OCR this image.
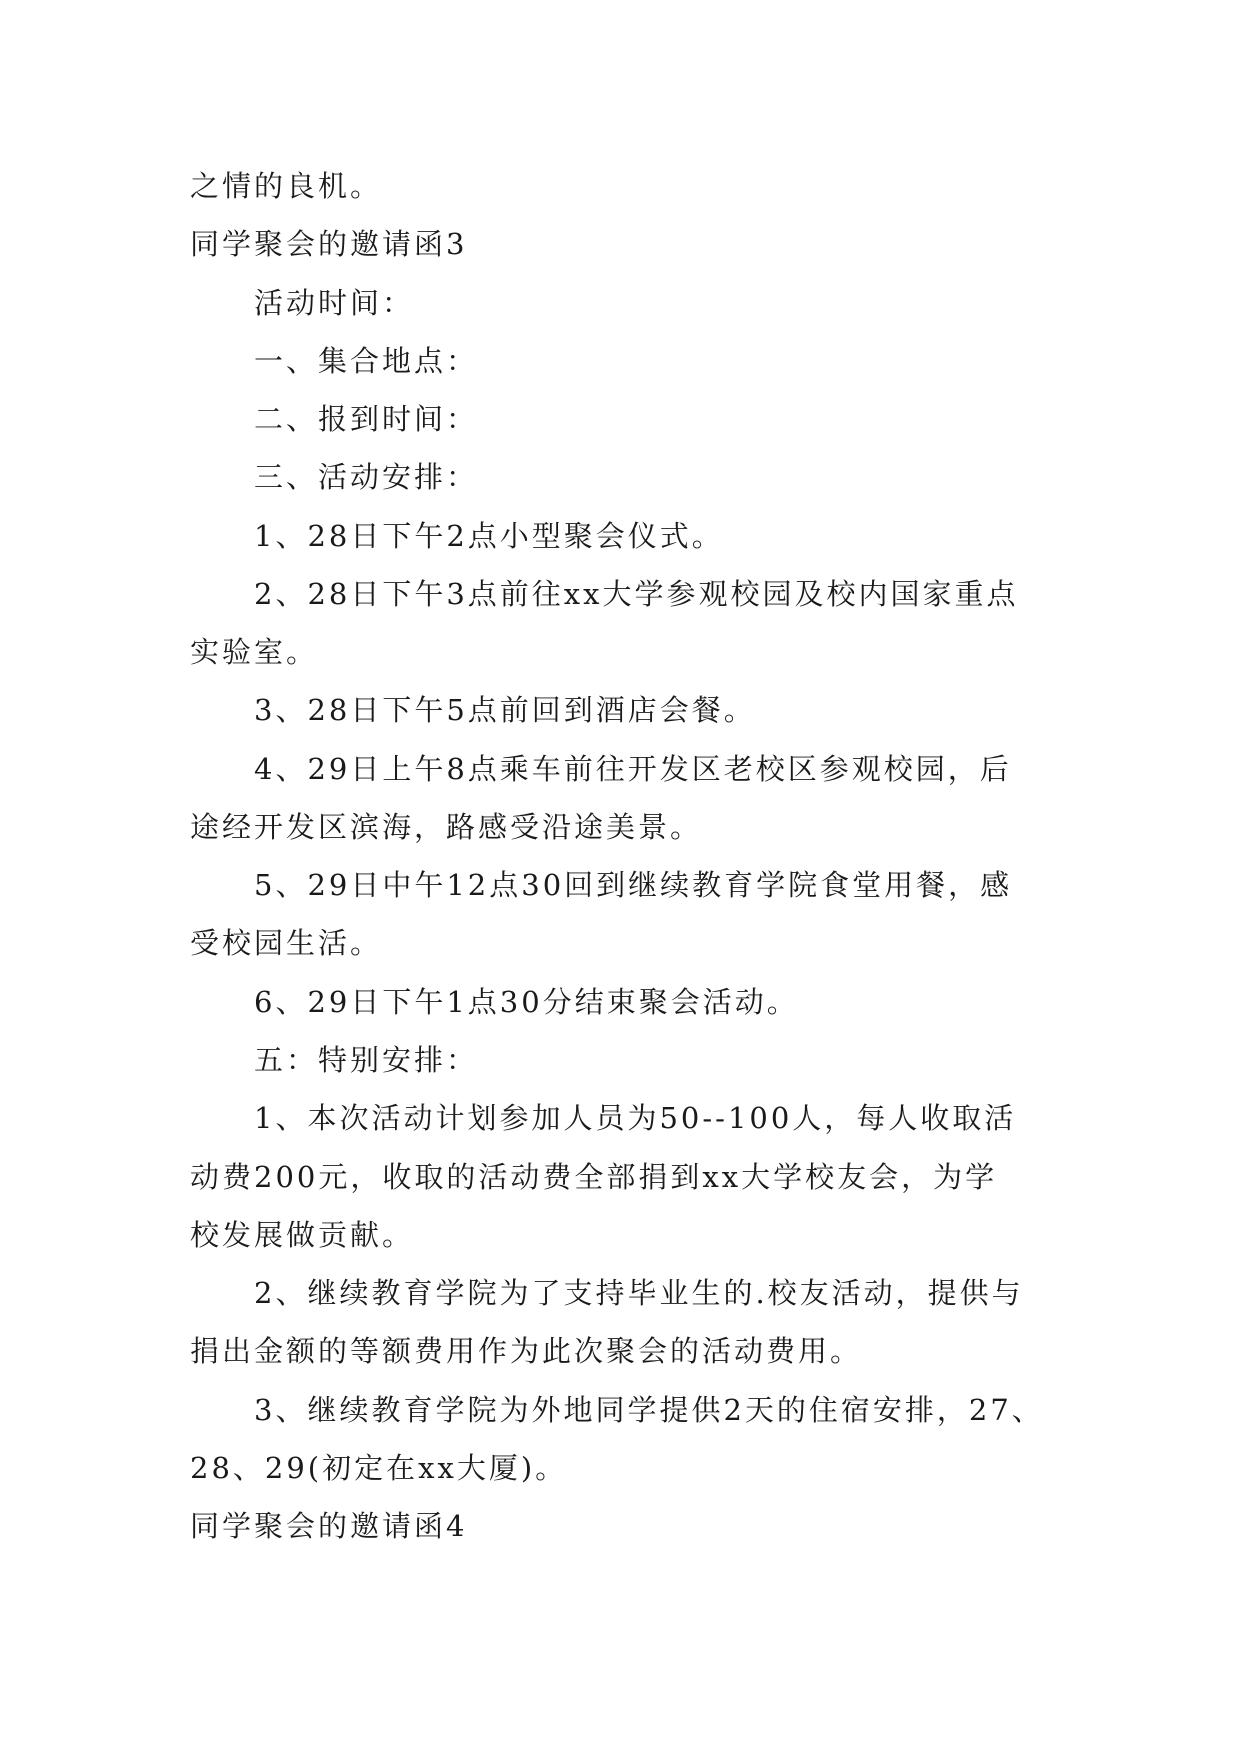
之情的良机。
同学聚会的邀请函3
活动时间：
一、集合地点：
二、报到时间：
三、活动安排：
1、28日下午2点小型聚会仪式。
2、28日下午3点前往xx大学参观校园及校内国家重点
实验室。
3、28日下午5点前回到酒店会餐。
4、29日上午8点乘车前往开发区老校区参观校园，后
途经开发区滨海，路感受沿途美景。
5、29日中午12点30回到继续教育学院食堂用餐，感
受校园生活。
6、29日下午1点30分结束聚会活动。
五：特别安排：
1、本次活动计划参加人员为50--100人，每人收取活
动费200元，收取的活动费全部捐到xx大学校友会，为学
校发展做贡献。
2、继续教育学院为了支持毕业生的.校友活动，提供与
捐出金额的等额费用作为此次聚会的活动费用。
3、继续教育学院为外地同学提供2天的住宿安排，27、
28、29(初定在xx大厦)。
同学聚会的邀请函4
